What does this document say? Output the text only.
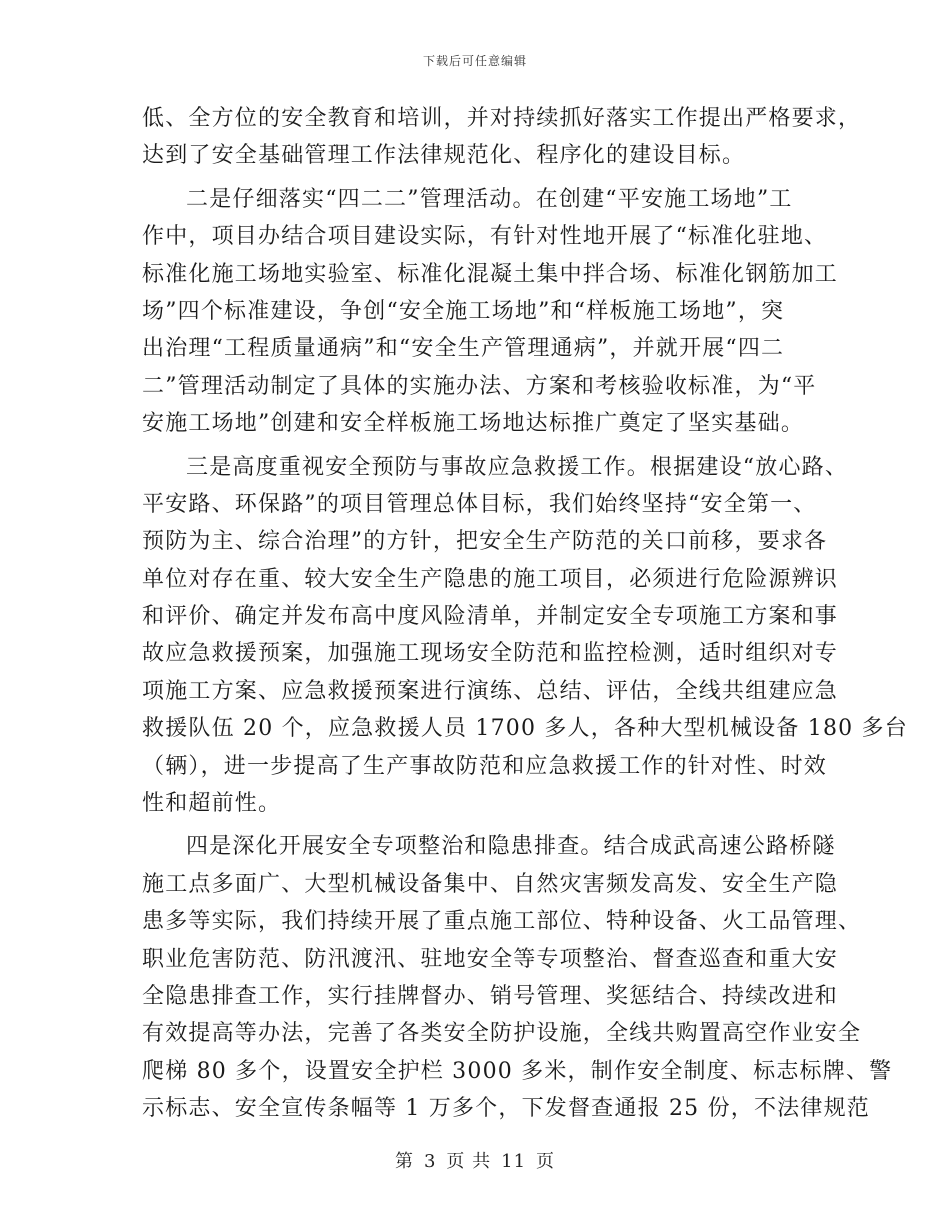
下载后可任意编辑
低、全方位的安全教育和培训，并对持续抓好落实工作提出严格要求，
达到了安全基础管理工作法律规范化、程序化的建设目标。
二是仔细落实“四二二”管理活动。在创建“平安施工场地”工
作中，项目办结合项目建设实际，有针对性地开展了“标准化驻地、
标准化施工场地实验室、标准化混凝土集中拌合场、标准化钢筋加工
场”四个标准建设，争创“安全施工场地”和“样板施工场地”，突
出治理“工程质量通病”和“安全生产管理通病”，并就开展“四二
二”管理活动制定了具体的实施办法、方案和考核验收标准，为“平
安施工场地”创建和安全样板施工场地达标推广奠定了坚实基础。
三是高度重视安全预防与事故应急救援工作。根据建设“放心路、
平安路、环保路”的项目管理总体目标，我们始终坚持“安全第一、
预防为主、综合治理”的方针，把安全生产防范的关口前移，要求各
单位对存在重、较大安全生产隐患的施工项目，必须进行危险源辨识
和评价、确定并发布高中度风险清单，并制定安全专项施工方案和事
故应急救援预案，加强施工现场安全防范和监控检测，适时组织对专
项施工方案、应急救援预案进行演练、总结、评估，全线共组建应急
救援队伍 20 个，应急救援人员 1700 多人，各种大型机械设备 180 多台
（辆），进一步提高了生产事故防范和应急救援工作的针对性、时效
性和超前性。
四是深化开展安全专项整治和隐患排查。结合成武高速公路桥隧
施工点多面广、大型机械设备集中、自然灾害频发高发、安全生产隐
患多等实际，我们持续开展了重点施工部位、特种设备、火工品管理、
职业危害防范、防汛渡汛、驻地安全等专项整治、督查巡查和重大安
全隐患排查工作，实行挂牌督办、销号管理、奖惩结合、持续改进和
有效提高等办法，完善了各类安全防护设施，全线共购置高空作业安全
爬梯 80 多个，设置安全护栏 3000 多米，制作安全制度、标志标牌、警
示标志、安全宣传条幅等 1 万多个，下发督查通报 25 份，不法律规范
第 3 页 共 11 页
